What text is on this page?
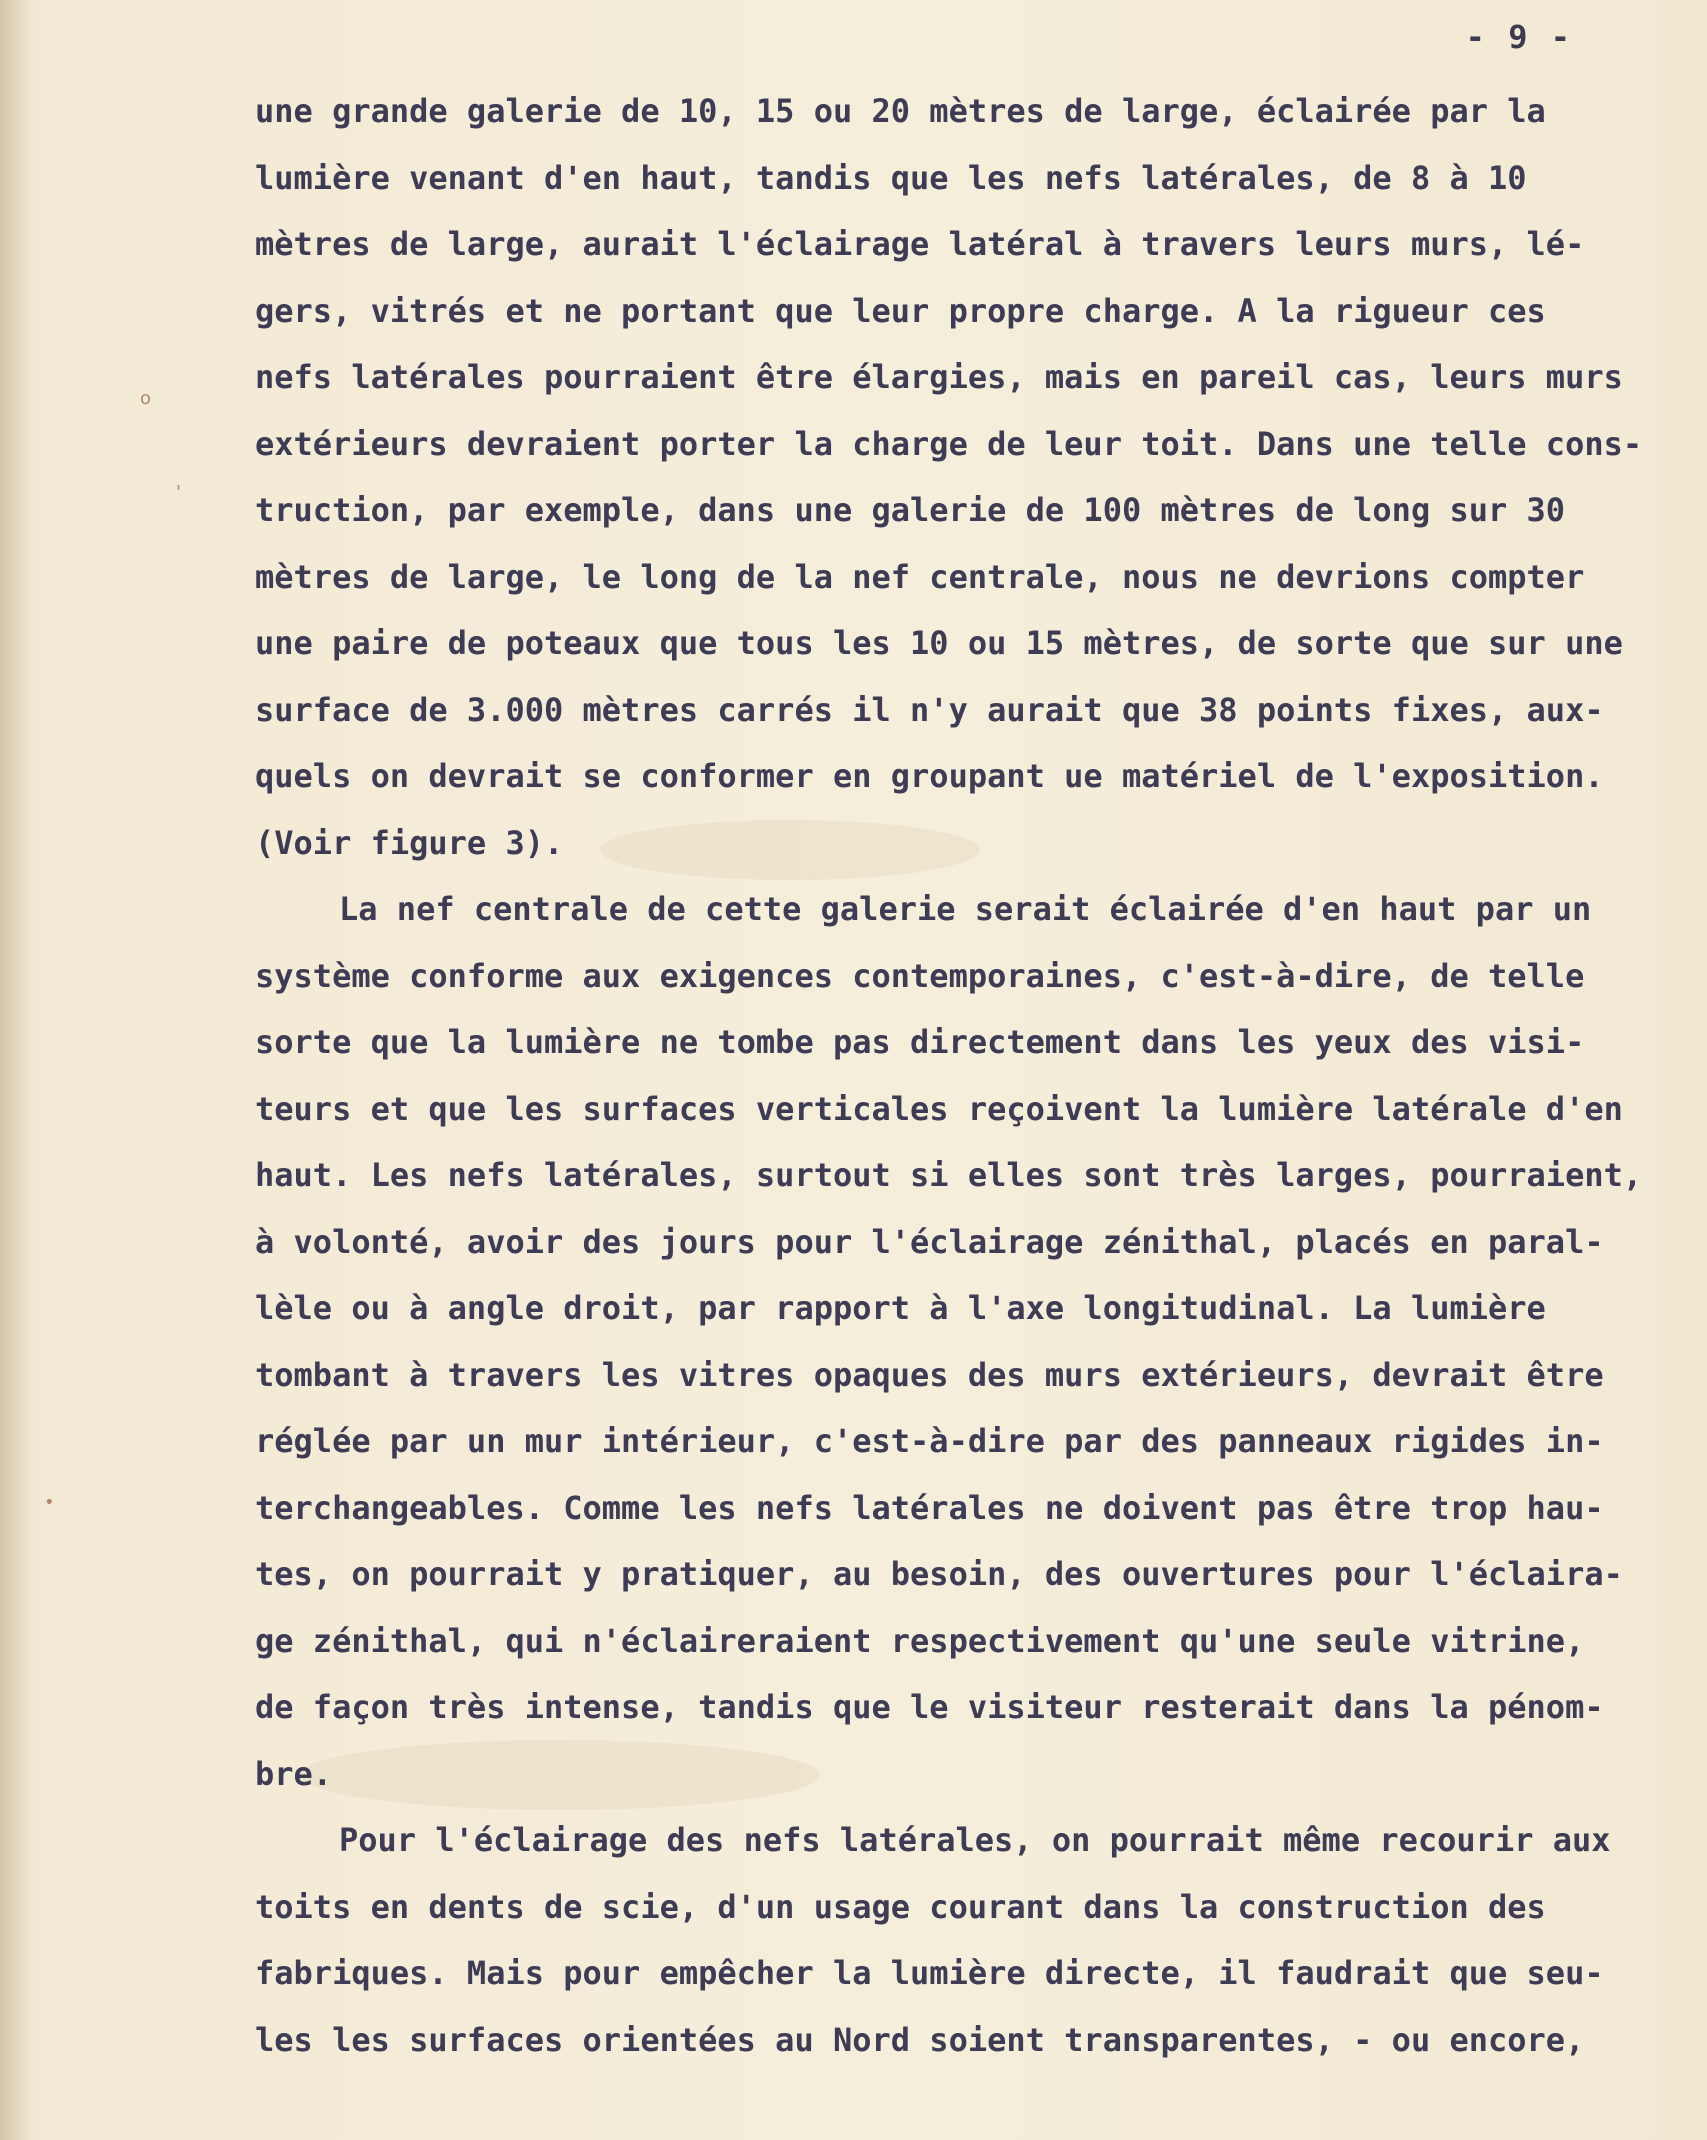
o
'
•
- 9 -
une grande galerie de 10, 15 ou 20 mètres de large, éclairée par la
lumière venant d'en haut, tandis que les nefs latérales, de 8 à 10
mètres de large, aurait l'éclairage latéral à travers leurs murs, lé-
gers, vitrés et ne portant que leur propre charge. A la rigueur ces
nefs latérales pourraient être élargies, mais en pareil cas, leurs murs
extérieurs devraient porter la charge de leur toit. Dans une telle cons-
truction, par exemple, dans une galerie de 100 mètres de long sur 30
mètres de large, le long de la nef centrale, nous ne devrions compter
une paire de poteaux que tous les 10 ou 15 mètres, de sorte que sur une
surface de 3.000 mètres carrés il n'y aurait que 38 points fixes, aux-
quels on devrait se conformer en groupant ue matériel de l'exposition.
(Voir figure 3).
La nef centrale de cette galerie serait éclairée d'en haut par un
système conforme aux exigences contemporaines, c'est-à-dire, de telle
sorte que la lumière ne tombe pas directement dans les yeux des visi-
teurs et que les surfaces verticales reçoivent la lumière latérale d'en
haut. Les nefs latérales, surtout si elles sont très larges, pourraient,
à volonté, avoir des jours pour l'éclairage zénithal, placés en paral-
lèle ou à angle droit, par rapport à l'axe longitudinal. La lumière
tombant à travers les vitres opaques des murs extérieurs, devrait être
réglée par un mur intérieur, c'est-à-dire par des panneaux rigides in-
terchangeables. Comme les nefs latérales ne doivent pas être trop hau-
tes, on pourrait y pratiquer, au besoin, des ouvertures pour l'éclaira-
ge zénithal, qui n'éclaireraient respectivement qu'une seule vitrine,
de façon très intense, tandis que le visiteur resterait dans la pénom-
bre.
Pour l'éclairage des nefs latérales, on pourrait même recourir aux
toits en dents de scie, d'un usage courant dans la construction des
fabriques. Mais pour empêcher la lumière directe, il faudrait que seu-
les les surfaces orientées au Nord soient transparentes, - ou encore,
